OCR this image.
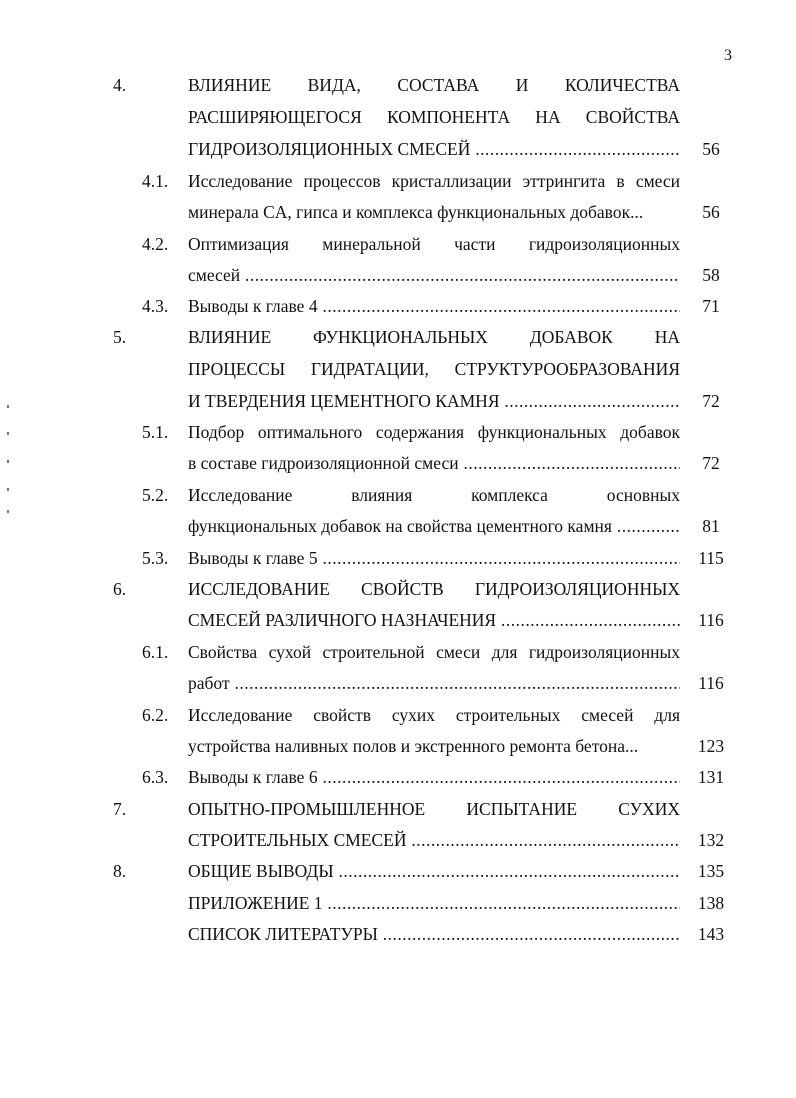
3
4.	ВЛИЯНИЕ ВИДА, СОСТАВА И КОЛИЧЕСТВА
РАСШИРЯЮЩЕГОСЯ КОМПОНЕНТА НА СВОЙСТВА
ГИДРОИЗОЛЯЦИОННЫХ СМЕСЕЙ .....	56
4.1. Исследование процессов кристаллизации эттрингита в смеси
минерала CA, гипса и комплекса функциональных добавок...	56
4.2. Оптимизация минеральной части гидроизоляционных
смесей .....	58
4.3. Выводы к главе 4 .....	71
5.	ВЛИЯНИЕ ФУНКЦИОНАЛЬНЫХ ДОБАВОК НА
ПРОЦЕССЫ ГИДРАТАЦИИ, СТРУКТУРООБРАЗОВАНИЯ
И ТВЕРДЕНИЯ ЦЕМЕНТНОГО КАМНЯ .....	72
5.1. Подбор оптимального содержания функциональных добавок
в составе гидроизоляционной смеси .....	72
5.2. Исследование влияния комплекса основных
функциональных добавок на свойства цементного камня .....	81
5.3. Выводы к главе 5 .....	115
6.	ИССЛЕДОВАНИЕ СВОЙСТВ ГИДРОИЗОЛЯЦИОННЫХ
СМЕСЕЙ РАЗЛИЧНОГО НАЗНАЧЕНИЯ .....	116
6.1. Свойства сухой строительной смеси для гидроизоляционных
работ .....	116
6.2. Исследование свойств сухих строительных смесей для
устройства наливных полов и экстренного ремонта бетона...	123
6.3. Выводы к главе 6 .....	131
7.	ОПЫТНО-ПРОМЫШЛЕННОЕ ИСПЫТАНИЕ СУХИХ
СТРОИТЕЛЬНЫХ СМЕСЕЙ .....	132
8.	ОБЩИЕ ВЫВОДЫ .....	135
ПРИЛОЖЕНИЕ 1 .....	138
СПИСОК ЛИТЕРАТУРЫ .....	143
